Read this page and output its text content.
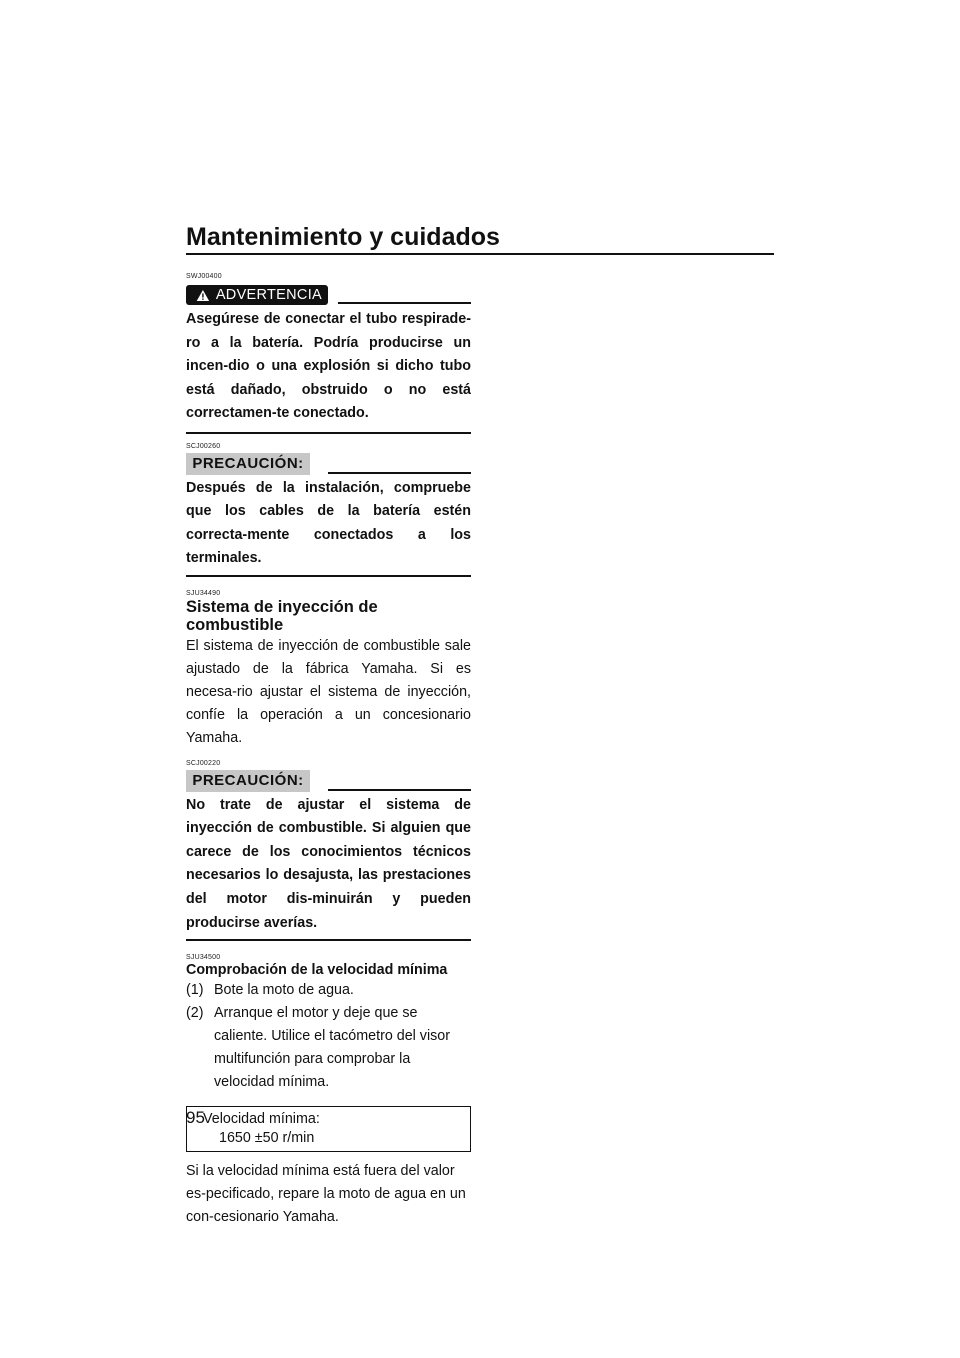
Mantenimiento y cuidados
SWJ00400
ADVERTENCIA

Asegúrese de conectar el tubo respirade-ro a la batería. Podría producirse un incen-dio o una explosión si dicho tubo está dañado, obstruido o no está correctamen-te conectado.

SCJ00260
PRECAUCIÓN:

Después de la instalación, compruebe que los cables de la batería estén correcta-mente conectados a los terminales.

SJU34490
Sistema de inyección de combustible

El sistema de inyección de combustible sale ajustado de la fábrica Yamaha. Si es necesa-rio ajustar el sistema de inyección, confíe la operación a un concesionario Yamaha.

SCJ00220
PRECAUCIÓN:

No trate de ajustar el sistema de inyección de combustible. Si alguien que carece de los conocimientos técnicos necesarios lo desajusta, las prestaciones del motor dis-minuirán y pueden producirse averías.

SJU34500
Comprobación de la velocidad mínima
(1) Bote la moto de agua.
(2) Arranque el motor y deje que se caliente. Utilice el tacómetro del visor multifunción para comprobar la velocidad mínima.
Velocidad mínima:
1650 ±50 r/min

Si la velocidad mínima está fuera del valor es-pecificado, repare la moto de agua en un con-cesionario Yamaha.

95
